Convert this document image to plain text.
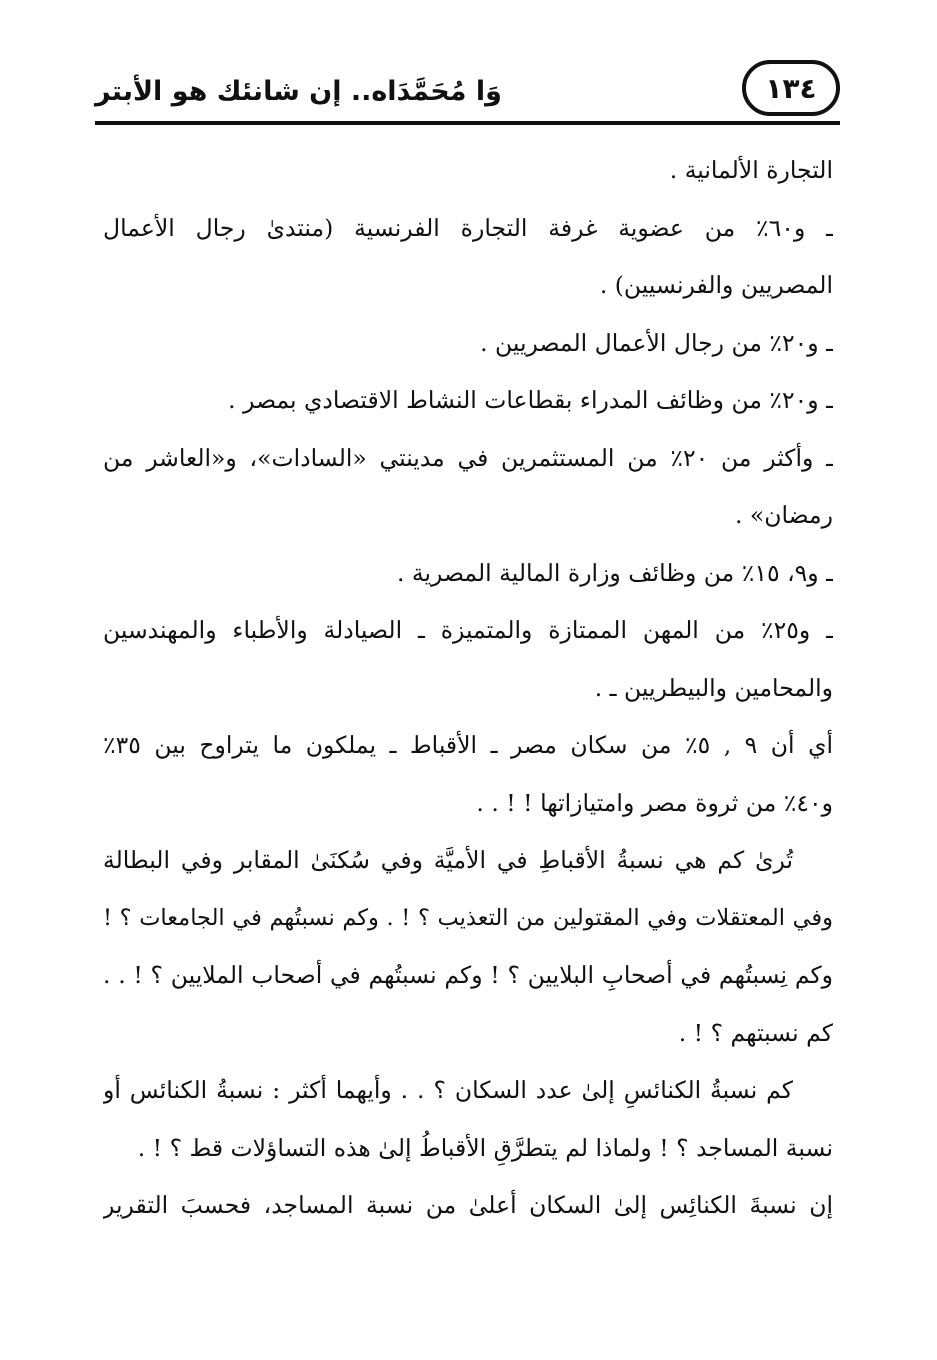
وَا مُحَمَّدَاه.. إن شانئك هو الأبتر	١٣٤
التجارة الألمانية .
ـ و٦٠٪ من عضوية غرفة التجارة الفرنسية (منتدىٰ رجال الأعمال
المصريين والفرنسيين) .
ـ و٢٠٪ من رجال الأعمال المصريين .
ـ و٢٠٪ من وظائف المدراء بقطاعات النشاط الاقتصادي بمصر .
ـ وأكثر من ٢٠٪ من المستثمرين في مدينتي «السادات»، و«العاشر من
رمضان» .
ـ و٩، ١٥٪ من وظائف وزارة المالية المصرية .
ـ و٢٥٪ من المهن الممتازة والمتميزة ـ الصيادلة والأطباء والمهندسين
والمحامين والبيطريين ـ .
أي أن ٩ , ٥٪ من سكان مصر ـ الأقباط ـ يملكون ما يتراوح بين ٣٥٪
و٤٠٪ من ثروة مصر وامتيازاتها ! ! . .
تُرىٰ كم هي نسبةُ الأقباطِ في الأميَّة وفي سُكنَىٰ المقابر وفي البطالة
وفي المعتقلات وفي المقتولين من التعذيب ؟ ! . وكم نسبتُهم في الجامعات ؟ !
وكم نِسبتُهم في أصحابِ البلايين ؟ ! وكم نسبتُهم في أصحاب الملايين ؟ ! . .
كم نسبتهم ؟ ! .
كم نسبةُ الكنائسِ إلىٰ عدد السكان ؟ . . وأيهما أكثر : نسبةُ الكنائس أو
نسبة المساجد ؟ ! ولماذا لم يتطرَّقِ الأقباطُ إلىٰ هذه التساؤلات قط ؟ ! .
إن نسبةَ الكنائِس إلىٰ السكان أعلىٰ من نسبة المساجد، فحسبَ التقرير
